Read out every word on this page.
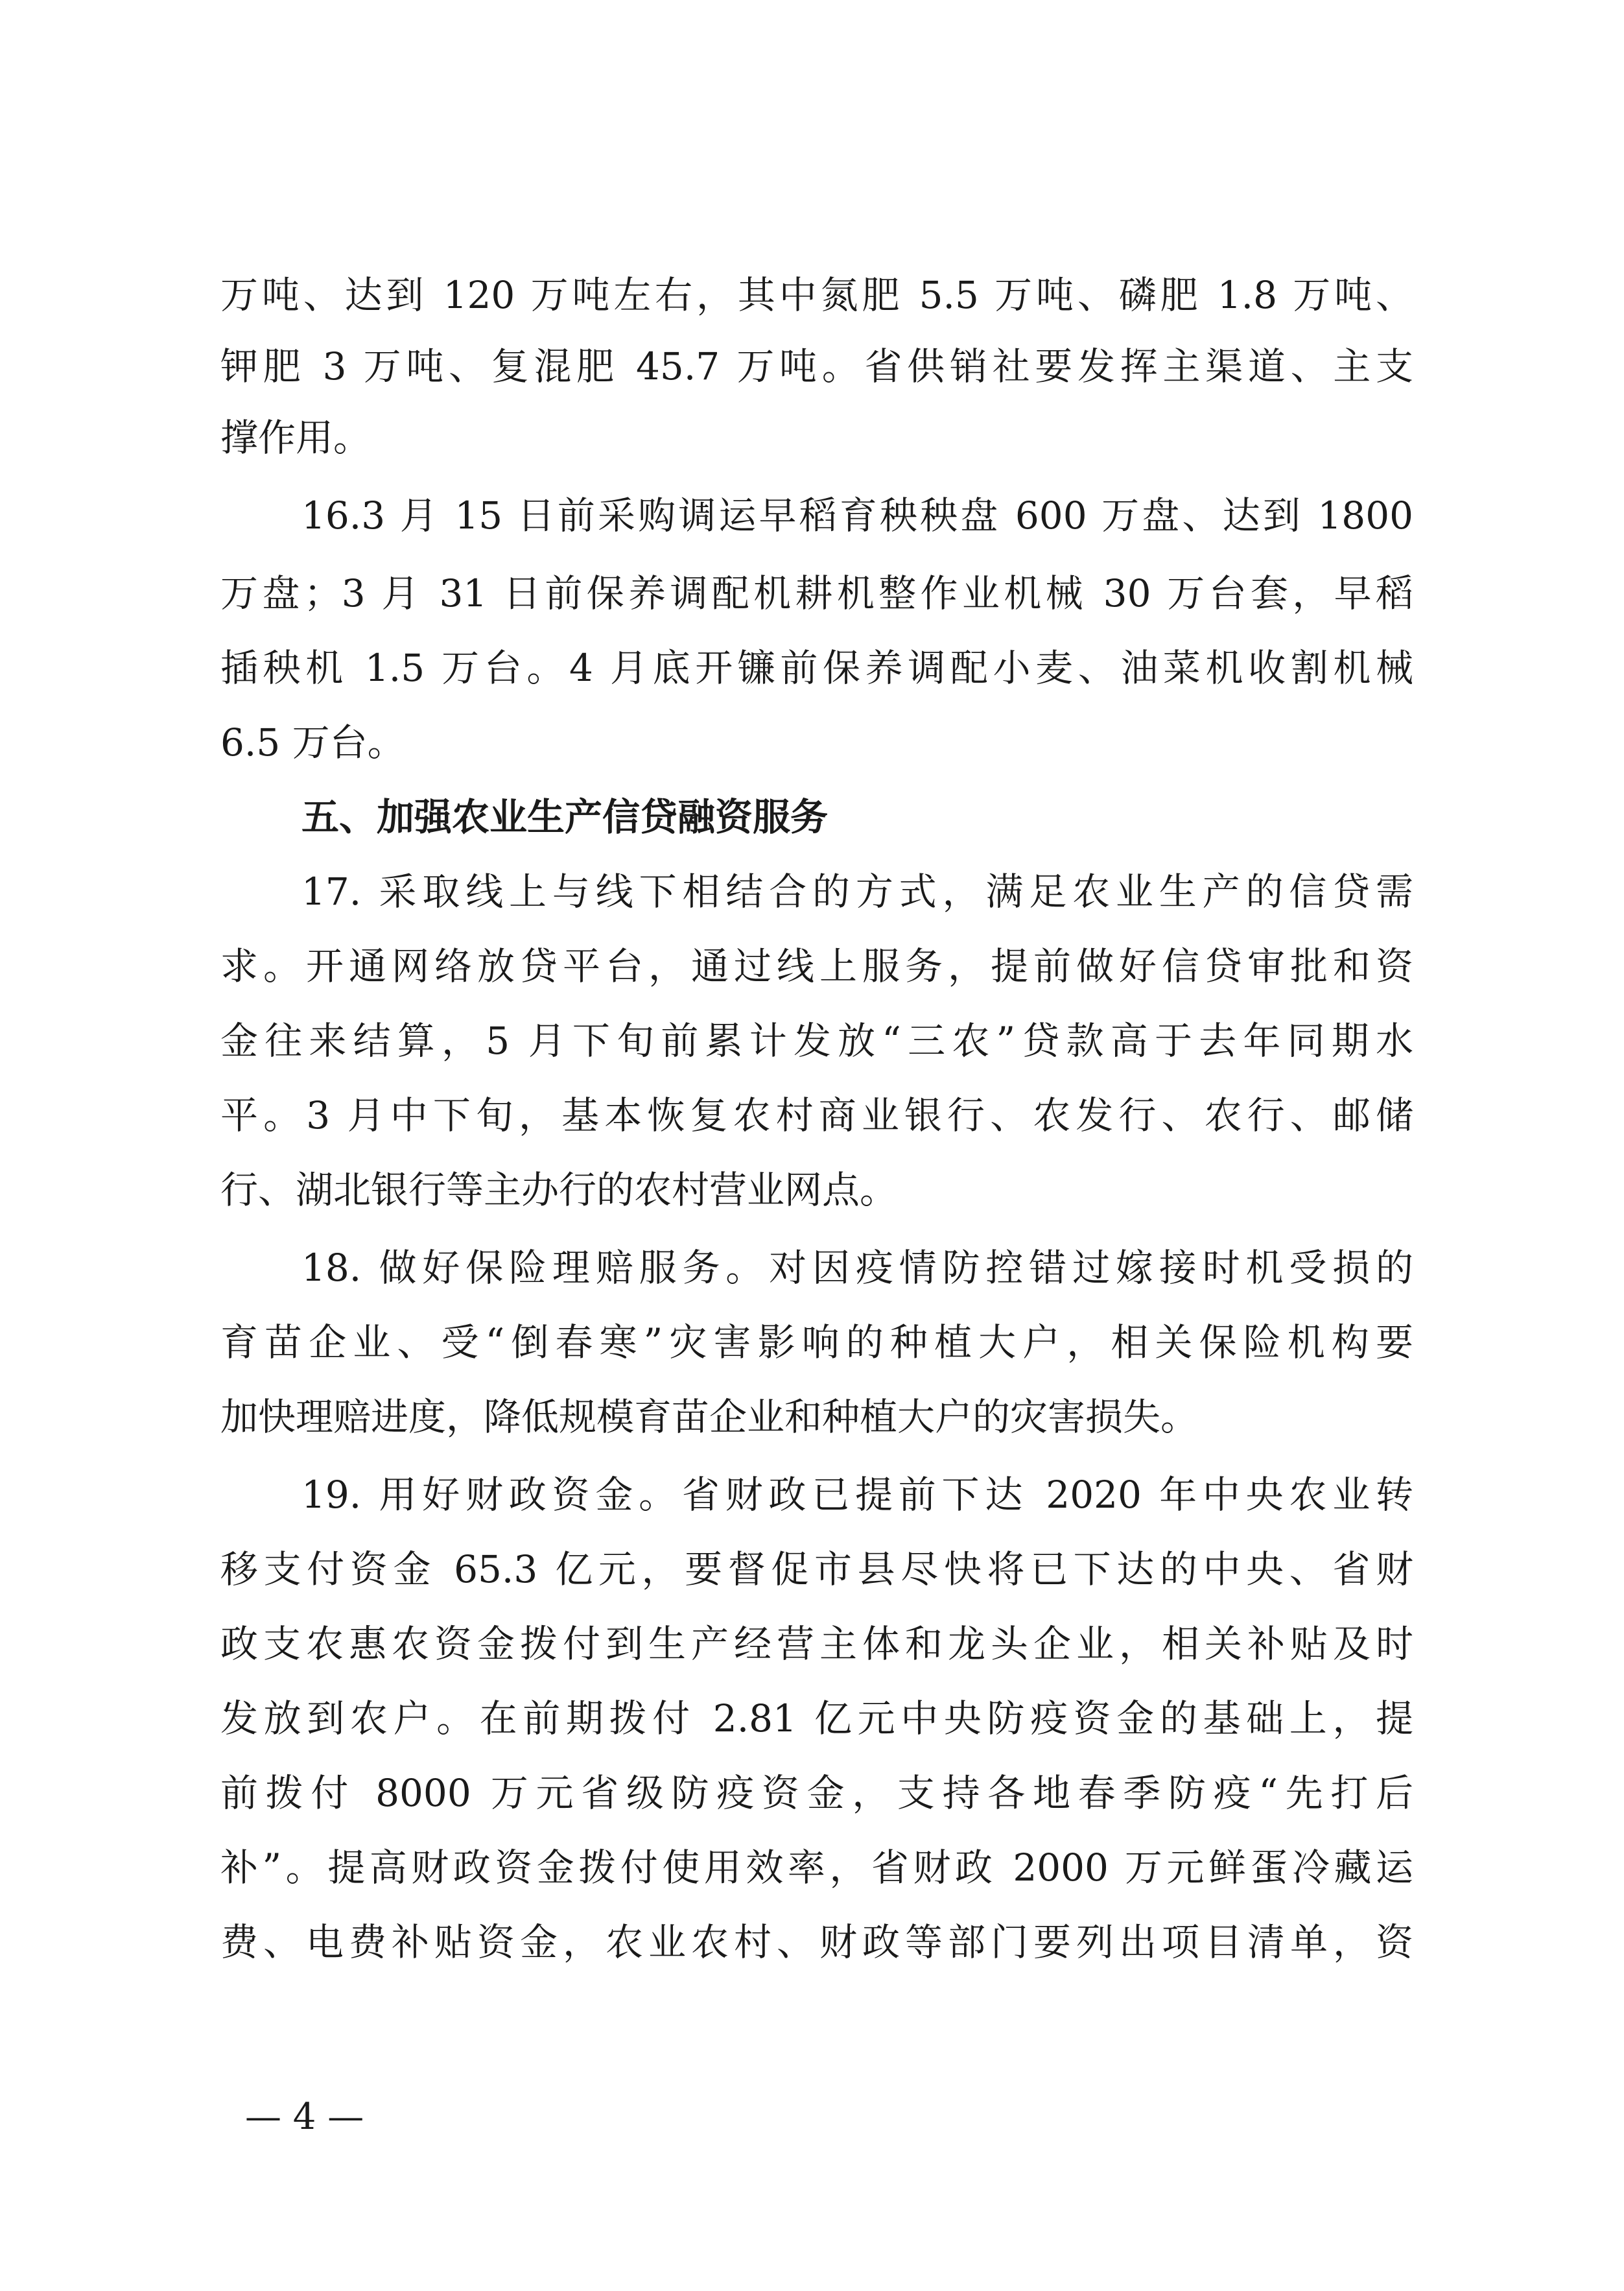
万吨、达到 120 万吨左右，其中氮肥 5.5 万吨、磷肥 1.8 万吨、
钾肥 3 万吨、复混肥 45.7 万吨。省供销社要发挥主渠道、主支
撑作用。
16.3 月 15 日前采购调运早稻育秧秧盘 600 万盘、达到 1800
万盘；3 月 31 日前保养调配机耕机整作业机械 30 万台套，早稻
插秧机 1.5 万台。4 月底开镰前保养调配小麦、油菜机收割机械
6.5 万台。
五、加强农业生产信贷融资服务
17. 采取线上与线下相结合的方式，满足农业生产的信贷需
求。开通网络放贷平台，通过线上服务，提前做好信贷审批和资
金往来结算，5 月下旬前累计发放“三农”贷款高于去年同期水
平。3 月中下旬，基本恢复农村商业银行、农发行、农行、邮储
行、湖北银行等主办行的农村营业网点。
18. 做好保险理赔服务。对因疫情防控错过嫁接时机受损的
育苗企业、受“倒春寒”灾害影响的种植大户，相关保险机构要
加快理赔进度，降低规模育苗企业和种植大户的灾害损失。
19. 用好财政资金。省财政已提前下达 2020 年中央农业转
移支付资金 65.3 亿元，要督促市县尽快将已下达的中央、省财
政支农惠农资金拨付到生产经营主体和龙头企业，相关补贴及时
发放到农户。在前期拨付 2.81 亿元中央防疫资金的基础上，提
前拨付 8000 万元省级防疫资金，支持各地春季防疫“先打后
补”。提高财政资金拨付使用效率，省财政 2000 万元鲜蛋冷藏运
费、电费补贴资金，农业农村、财政等部门要列出项目清单，资
— 4 —
